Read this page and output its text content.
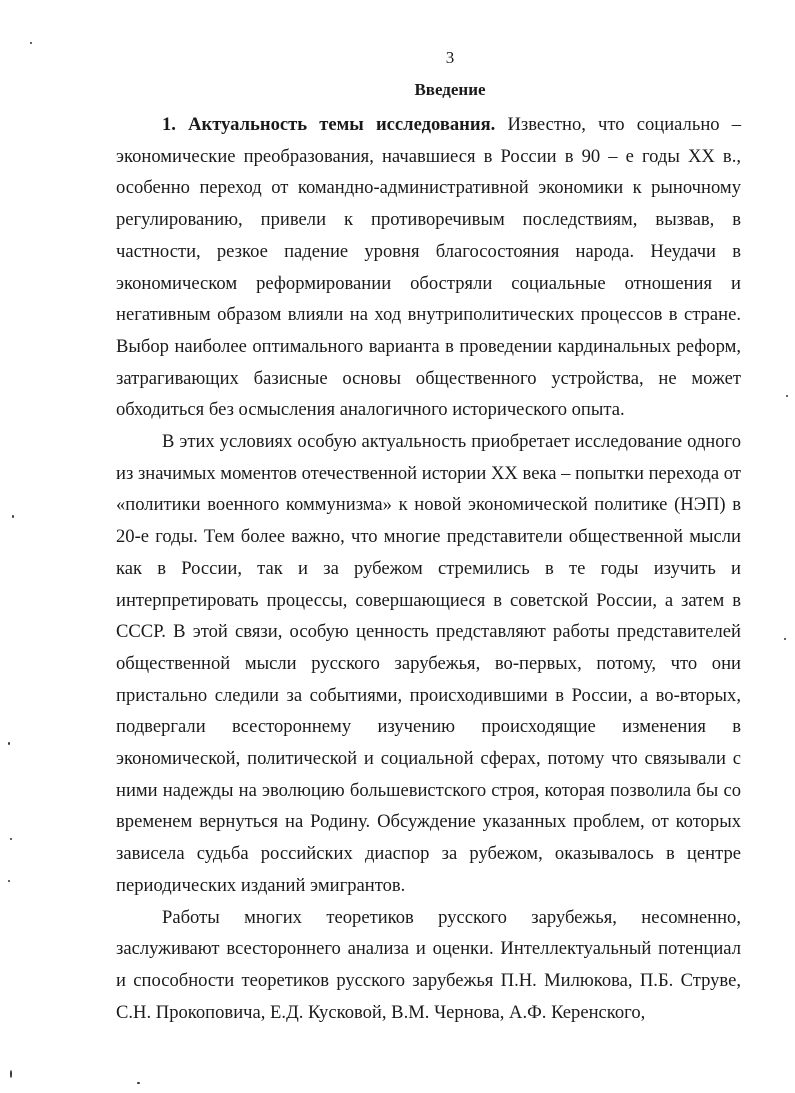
3
Введение

1. Актуальность темы исследования. Известно, что социально – экономические преобразования, начавшиеся в России в 90 – е годы XX в., особенно переход от командно-административной экономики к рыночному регулированию, привели к противоречивым последствиям, вызвав, в частности, резкое падение уровня благосостояния народа. Неудачи в экономическом реформировании обостряли социальные отношения и негативным образом влияли на ход внутриполитических процессов в стране. Выбор наиболее оптимального варианта в проведении кардинальных реформ, затрагивающих базисные основы общественного устройства, не может обходиться без осмысления аналогичного исторического опыта.

В этих условиях особую актуальность приобретает исследование одного из значимых моментов отечественной истории XX века – попытки перехода от «политики военного коммунизма» к новой экономической политике (НЭП) в 20-е годы. Тем более важно, что многие представители общественной мысли как в России, так и за рубежом стремились в те годы изучить и интерпретировать процессы, совершающиеся в советской России, а затем в СССР. В этой связи, особую ценность представляют работы представителей общественной мысли русского зарубежья, во-первых, потому, что они пристально следили за событиями, происходившими в России, а во-вторых, подвергали всестороннему изучению происходящие изменения в экономической, политической и социальной сферах, потому что связывали с ними надежды на эволюцию большевистского строя, которая позволила бы со временем вернуться на Родину. Обсуждение указанных проблем, от которых зависела судьба российских диаспор за рубежом, оказывалось в центре периодических изданий эмигрантов.

Работы многих теоретиков русского зарубежья, несомненно, заслуживают всестороннего анализа и оценки. Интеллектуальный потенциал и способности теоретиков русского зарубежья П.Н. Милюкова, П.Б. Струве, С.Н. Прокоповича, Е.Д. Кусковой, В.М. Чернова, А.Ф. Керенского,
